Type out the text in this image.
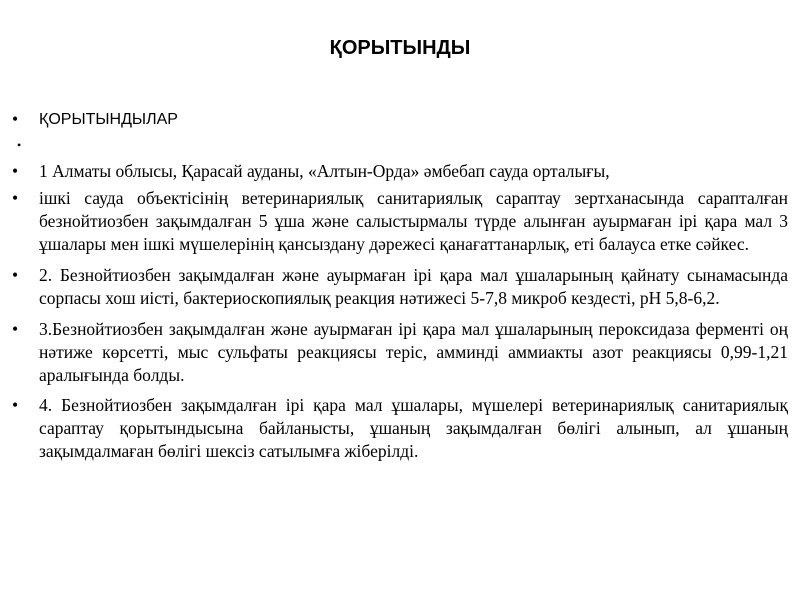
ҚОРЫТЫНДЫ
•	ҚОРЫТЫНДЫЛАР
•
•	1 Алматы облысы, Қарасай ауданы, «Алтын-Орда» әмбебап сауда орталығы,
•	ішкі сауда объектісінің ветеринариялық санитариялық сараптау зертханасында сарапталған безнойтиозбен зақымдалған 5 ұша және салыстырмалы түрде алынған ауырмаған ірі қара мал 3 ұшалары мен ішкі мүшелерінің қансыздану дәрежесі қанағаттанарлық, еті балауса етке сәйкес.
•	2. Безнойтиозбен зақымдалған және ауырмаған ірі қара мал ұшаларының қайнату сынамасында сорпасы хош иісті, бактериоскопиялық реакция нәтижесі 5-7,8 микроб кездесті, рН 5,8-6,2.
•	3.Безнойтиозбен зақымдалған және ауырмаған ірі қара мал ұшаларының пероксидаза ферменті оң нәтиже көрсетті, мыс сульфаты реакциясы теріс, амминді аммиакты азот реакциясы 0,99-1,21 аралығында болды.
•	4. Безнойтиозбен зақымдалған ірі қара мал ұшалары, мүшелері ветеринариялық санитариялық сараптау қорытындысына байланысты, ұшаның зақымдалған бөлігі алынып, ал ұшаның зақымдалмаған бөлігі шексіз сатылымға жіберілді.
